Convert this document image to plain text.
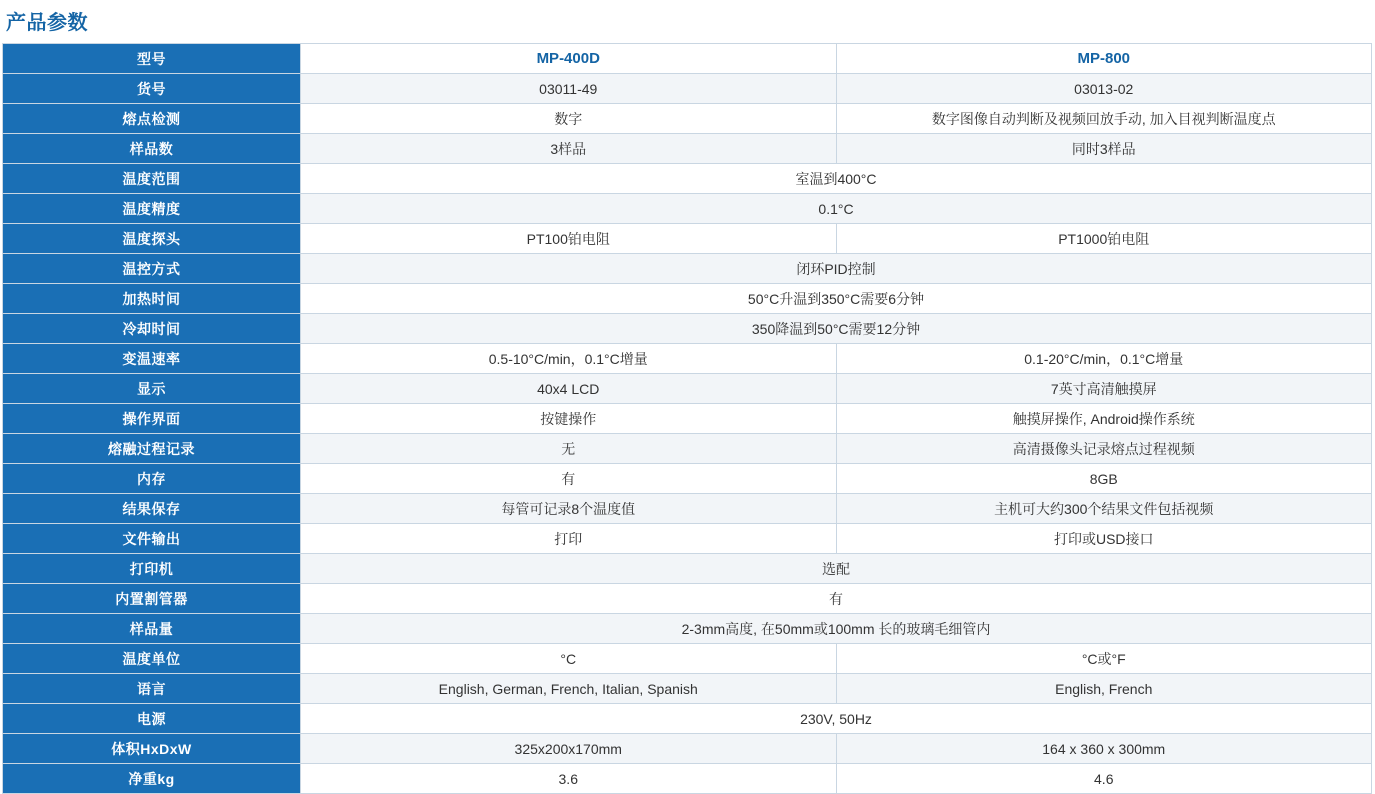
产品参数
型号	MP-400D	MP-800
货号	03011-49	03013-02
熔点检测	数字	数字图像自动判断及视频回放手动, 加入目视判断温度点
样品数	3样品	同时3样品
温度范围	室温到400°C	
温度精度	0.1°C	
温度探头	PT100铂电阻	PT1000铂电阻
温控方式	闭环PID控制	
加热时间	50°C升温到350°C需要6分钟	
冷却时间	350降温到50°C需要12分钟	
变温速率	0.5-10°C/min，0.1°C增量	0.1-20°C/min，0.1°C增量
显示	40x4 LCD	7英寸高清触摸屏
操作界面	按键操作	触摸屏操作, Android操作系统
熔融过程记录	无	高清摄像头记录熔点过程视频
内存	有	8GB
结果保存	每管可记录8个温度值	主机可大约300个结果文件包括视频
文件输出	打印	打印或USD接口
打印机	选配	
内置割管器	有	
样品量	2-3mm高度, 在50mm或100mm 长的玻璃毛细管内	
温度单位	°C	°C或°F
语言	English, German, French, Italian, Spanish	English, French
电源	230V, 50Hz	
体积HxDxW	325x200x170mm	164 x 360 x 300mm
净重kg	3.6	4.6
